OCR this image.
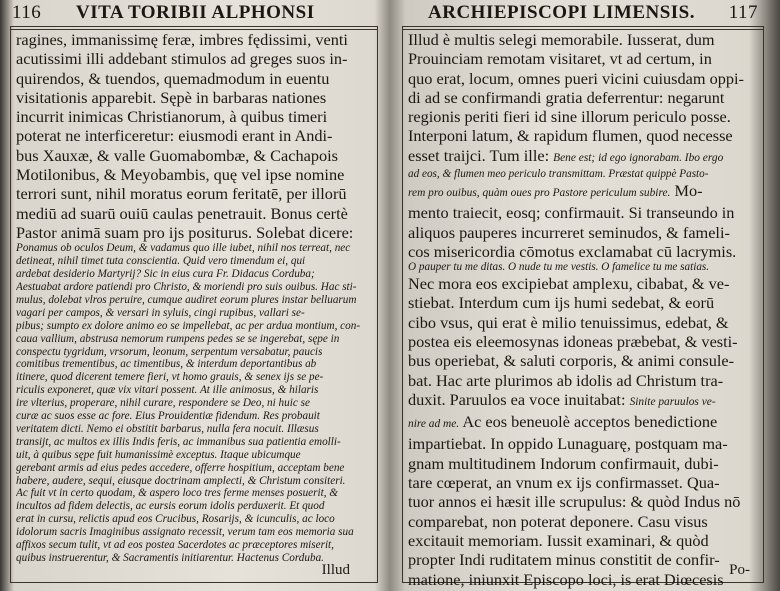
116 VITA TORIBII ALPHONSI
ragines, immanissimę feræ, imbres fędissimi, venti
acutissimi illi addebant stimulos ad greges suos in-
quirendos, & tuendos, quemadmodum in euentu
visitationis apparebit. Sępè in barbaras nationes
incurrit inimicas Christianorum, à quibus timeri
poterat ne interficeretur: eiusmodi erant in Andi-
bus Xauxæ, & valle Guomabombæ, & Cachapois
Motilonibus, & Meyobambis, quę vel ipse nomine
terrori sunt, nihil moratus eorum feritatē, per illorū
mediū ad suarū ouiū caulas penetrauit. Bonus certè
Pastor animā suam pro ijs positurus. Solebat dicere:
Ponamus ob oculos Deum, & vadamus quo ille iubet, nihil nos terreat, nec
detineat, nihil timet tuta conscientia. Quid vero timendum ei, qui
ardebat desiderio Martyrij? Sic in eius cura Fr. Didacus Corduba;
Aestuabat ardore patiendi pro Christo, & moriendi pro suis ouibus. Hac sti-
mulus, dolebat vlros peruire, cumque audiret eorum plures instar belluarum
vagari per campos, & versari in syluis, cingi rupibus, vallari se-
pibus; sumpto ex dolore animo eo se impellebat, ac per ardua montium, con-
caua vallium, abstrusa nemorum rumpens pedes se se ingerebat, sępe in
conspectu tygridum, vrsorum, leonum, serpentum versabatur, paucis
comitibus trementibus, ac timentibus, & interdum deportantibus ab
itinere, quod dicerent temere fieri, vt homo grauis, & senex ijs se pe-
riculis exponeret, quæ vix vitari possent. At ille animosus, & hilaris
ire vlterius, properare, nihil curare, respondere se Deo, ni huic se
curæ ac suos esse ac fore. Eius Prouidentiæ fidendum. Res probauit
veritatem dicti. Nemo ei obstitit barbarus, nulla fera nocuit. Illæsus
transijt, ac multos ex illis Indis feris, ac immanibus sua patientia emolli-
uit, à quibus sępe fuit humanissimè exceptus. Itaque ubicumque
gerebant armis ad eius pedes accedere, offerre hospitium, acceptam bene
habere, audere, sequi, eiusque doctrinam amplecti, & Christum consiteri.
Ac fuit vt in certo quodam, & aspero loco tres ferme menses posuerit, &
incultos ad fidem delectis, ac eursis eorum idolis perduxerit. Et quod
erat in cursu, relictis apud eos Crucibus, Rosarijs, & icunculis, ac loco
idolorum sacris Imaginibus assignato recessit, verum tam eos memoria sua
affixos secum tulit, vt ad eos postea Sacerdotes ac præceptores miserit,
quibus instruerentur, & Sacramentis initiarentur. Hactenus Corduba.
Illud
ARCHIEPISCOPI LIMENSIS. 117
Illud è multis selegi memorabile. Iusserat, dum
Prouinciam remotam visitaret, vt ad certum, in
quo erat, locum, omnes pueri vicini cuiusdam oppi-
di ad se confirmandi gratia deferrentur: negarunt
regionis periti fieri id sine illorum periculo posse.
Interponi latum, & rapidum flumen, quod necesse
esset traijci. Tum ille: Bene est; id ego ignorabam. Ibo ergo
ad eos, & flumen meo periculo transmittam. Præstat quippè Pasto-
rem pro ouibus, quàm oues pro Pastore periculum subire. Mo-
mento traiecit, eosq; confirmauit. Si transeundo in
aliquos pauperes incurreret seminudos, & fameli-
cos misericordia cōmotus exclamabat cū lacrymis.
O pauper tu me ditas. O nude tu me vestis. O famelice tu me satias.
Nec mora eos excipiebat amplexu, cibabat, & ve-
stiebat. Interdum cum ijs humi sedebat, & eorū
cibo vsus, qui erat è milio tenuissimus, edebat, &
postea eis eleemosynas idoneas præbebat, & vesti-
bus operiebat, & saluti corporis, & animi consule-
bat. Hac arte plurimos ab idolis ad Christum tra-
duxit. Paruulos ea voce inuitabat: Sinite paruulos ve-
nire ad me. Ac eos beneuolè acceptos benedictione
impartiebat. In oppido Lunaguarę, postquam ma-
gnam multitudinem Indorum confirmauit, dubi-
tare cœperat, an vnum ex ijs confirmasset. Qua-
tuor annos ei hæsit ille scrupulus: & quòd Indus nō
comparebat, non poterat deponere. Casu visus
excitauit memoriam. Iussit examinari, & quòd
propter Indi ruditatem minus constitit de confir-
matione, iniunxit Episcopo loci, is erat Diœcesis Po-
